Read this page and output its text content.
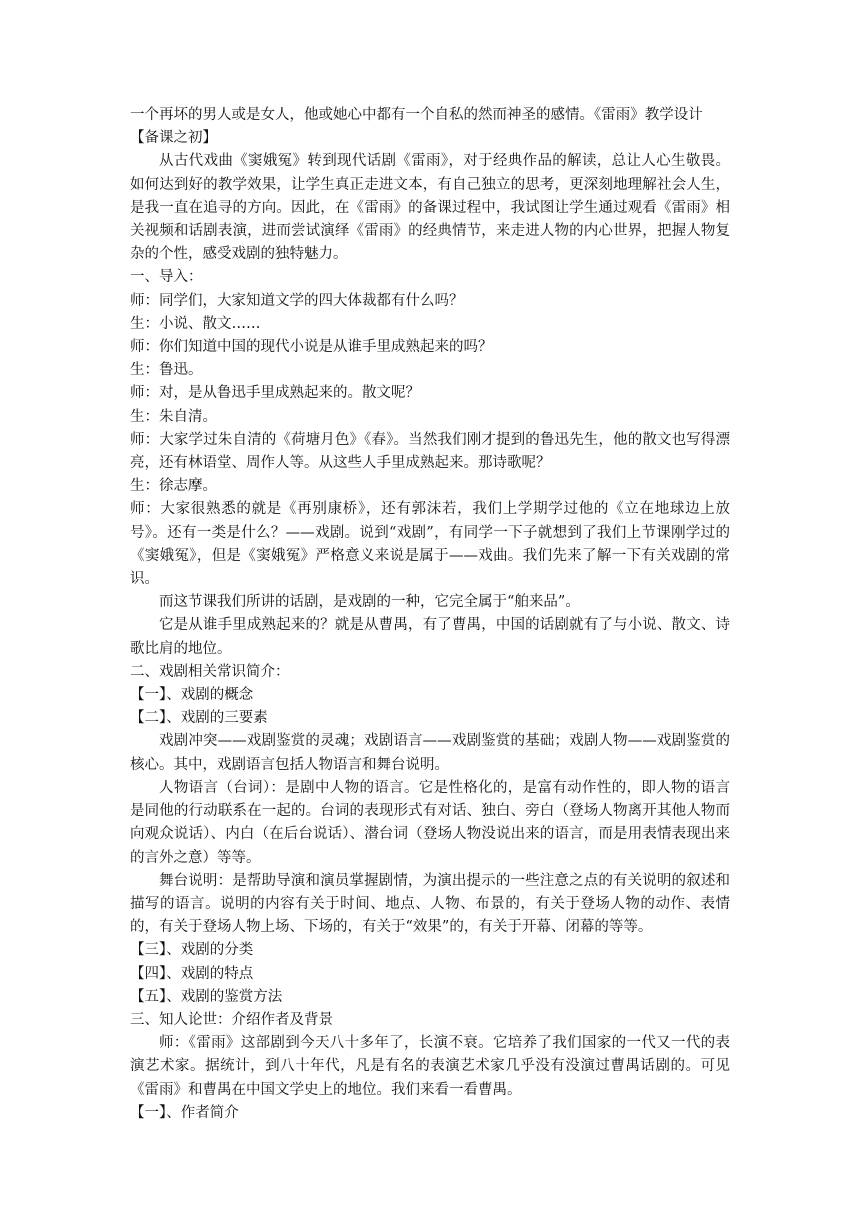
一个再坏的男人或是女人，他或她心中都有一个自私的然而神圣的感情。《雷雨》教学设计

【备课之初】

从古代戏曲《窦娥冤》转到现代话剧《雷雨》，对于经典作品的解读，总让人心生敬畏。如何达到好的教学效果，让学生真正走进文本，有自己独立的思考，更深刻地理解社会人生，是我一直在追寻的方向。因此，在《雷雨》的备课过程中，我试图让学生通过观看《雷雨》相关视频和话剧表演，进而尝试演绎《雷雨》的经典情节，来走进人物的内心世界，把握人物复杂的个性，感受戏剧的独特魅力。

一、导入：

师：同学们，大家知道文学的四大体裁都有什么吗？

生：小说、散文……

师：你们知道中国的现代小说是从谁手里成熟起来的吗？

生：鲁迅。

师：对，是从鲁迅手里成熟起来的。散文呢？

生：朱自清。

师：大家学过朱自清的《荷塘月色》《春》。当然我们刚才提到的鲁迅先生，他的散文也写得漂亮，还有林语堂、周作人等。从这些人手里成熟起来。那诗歌呢？

生：徐志摩。

师：大家很熟悉的就是《再别康桥》，还有郭沫若，我们上学期学过他的《立在地球边上放号》。还有一类是什么？——戏剧。说到“戏剧”，有同学一下子就想到了我们上节课刚学过的《窦娥冤》，但是《窦娥冤》严格意义来说是属于——戏曲。我们先来了解一下有关戏剧的常识。

而这节课我们所讲的话剧，是戏剧的一种，它完全属于“舶来品”。

它是从谁手里成熟起来的？就是从曹禺，有了曹禺，中国的话剧就有了与小说、散文、诗歌比肩的地位。

二、戏剧相关常识简介：

【一】、戏剧的概念

【二】、戏剧的三要素

戏剧冲突——戏剧鉴赏的灵魂；戏剧语言——戏剧鉴赏的基础；戏剧人物——戏剧鉴赏的核心。其中，戏剧语言包括人物语言和舞台说明。

人物语言（台词）：是剧中人物的语言。它是性格化的，是富有动作性的，即人物的语言是同他的行动联系在一起的。台词的表现形式有对话、独白、旁白（登场人物离开其他人物而向观众说话）、内白（在后台说话）、潜台词（登场人物没说出来的语言，而是用表情表现出来的言外之意）等等。

舞台说明：是帮助导演和演员掌握剧情，为演出提示的一些注意之点的有关说明的叙述和描写的语言。说明的内容有关于时间、地点、人物、布景的，有关于登场人物的动作、表情的，有关于登场人物上场、下场的，有关于“效果”的，有关于开幕、闭幕的等等。

【三】、戏剧的分类

【四】、戏剧的特点

【五】、戏剧的鉴赏方法

三、知人论世：介绍作者及背景

师：《雷雨》这部剧到今天八十多年了，长演不衰。它培养了我们国家的一代又一代的表演艺术家。据统计，到八十年代，凡是有名的表演艺术家几乎没有没演过曹禺话剧的。可见《雷雨》和曹禺在中国文学史上的地位。我们来看一看曹禺。

【一】、作者简介
